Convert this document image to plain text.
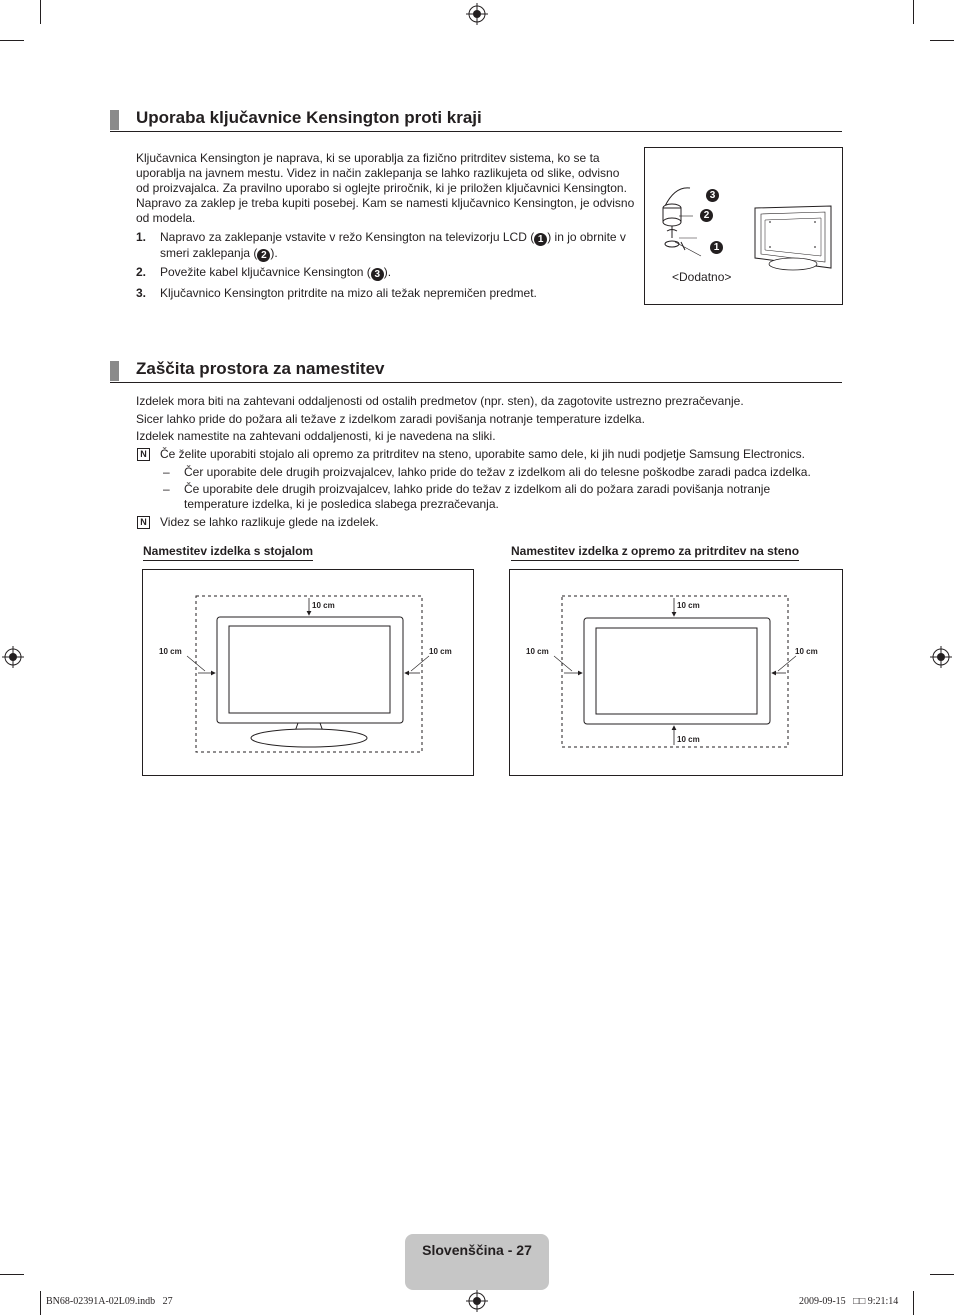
Uporaba ključavnice Kensington proti kraji
Ključavnica Kensington je naprava, ki se uporablja za fizično pritrditev sistema, ko se ta uporablja na javnem mestu. Videz in način zaklepanja se lahko razlikujeta od slike, odvisno od proizvajalca. Za pravilno uporabo si oglejte priročnik, ki je priložen ključavnici Kensington. Napravo za zaklep je treba kupiti posebej. Kam se namesti ključavnico Kensington, je odvisno od modela.
1. Napravo za zaklepanje vstavite v režo Kensington na televizorju LCD ( 1 ) in jo obrnite v smeri zaklepanja ( 2 ).
2. Povežite kabel ključavnice Kensington ( 3 ).
3. Ključavnico Kensington pritrdite na mizo ali težak nepremičen predmet.
3
2
1
<Dodatno>
Zaščita prostora za namestitev
Izdelek mora biti na zahtevani oddaljenosti od ostalih predmetov (npr. sten), da zagotovite ustrezno prezračevanje.
Sicer lahko pride do požara ali težave z izdelkom zaradi povišanja notranje temperature izdelka.
Izdelek namestite na zahtevani oddaljenosti, ki je navedena na sliki.
N Če želite uporabiti stojalo ali opremo za pritrditev na steno, uporabite samo dele, ki jih nudi podjetje Samsung Electronics.
– Čer uporabite dele drugih proizvajalcev, lahko pride do težav z izdelkom ali do telesne poškodbe zaradi padca izdelka.
– Če uporabite dele drugih proizvajalcev, lahko pride do težav z izdelkom ali do požara zaradi povišanja notranje
temperature izdelka, ki je posledica slabega prezračevanja.
N Videz se lahko razlikuje glede na izdelek.
Namestitev izdelka s stojalom	Namestitev izdelka z opremo za pritrditev na steno
10 cm
10 cm	10 cm
10 cm
10 cm	10 cm
10 cm
Slovenščina - 27
BN68-02391A-02L09.indb   27	2009-09-15   □□ 9:21:14
